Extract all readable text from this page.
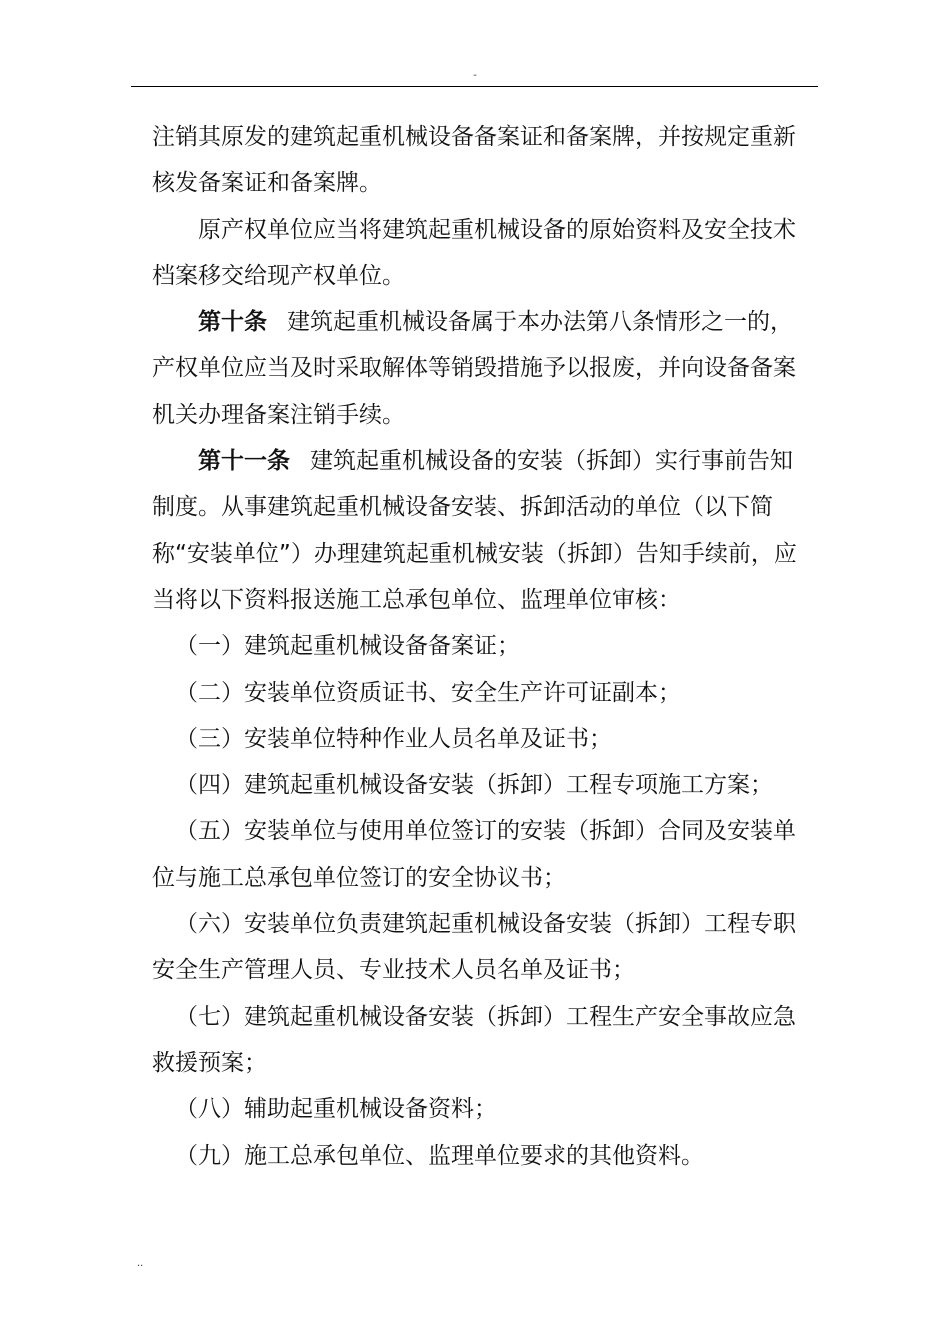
-

注销其原发的建筑起重机械设备备案证和备案牌，并按规定重新核发备案证和备案牌。

原产权单位应当将建筑起重机械设备的原始资料及安全技术档案移交给现产权单位。

第十条 建筑起重机械设备属于本办法第八条情形之一的，产权单位应当及时采取解体等销毁措施予以报废，并向设备备案机关办理备案注销手续。

第十一条 建筑起重机械设备的安装（拆卸）实行事前告知制度。从事建筑起重机械设备安装、拆卸活动的单位（以下简称“安装单位”）办理建筑起重机械安装（拆卸）告知手续前，应当将以下资料报送施工总承包单位、监理单位审核：

（一）建筑起重机械设备备案证；

（二）安装单位资质证书、安全生产许可证副本；

（三）安装单位特种作业人员名单及证书；

（四）建筑起重机械设备安装（拆卸）工程专项施工方案；

（五）安装单位与使用单位签订的安装（拆卸）合同及安装单位与施工总承包单位签订的安全协议书；

（六）安装单位负责建筑起重机械设备安装（拆卸）工程专职安全生产管理人员、专业技术人员名单及证书；

（七）建筑起重机械设备安装（拆卸）工程生产安全事故应急救援预案；

（八）辅助起重机械设备资料；

（九）施工总承包单位、监理单位要求的其他资料。

..
